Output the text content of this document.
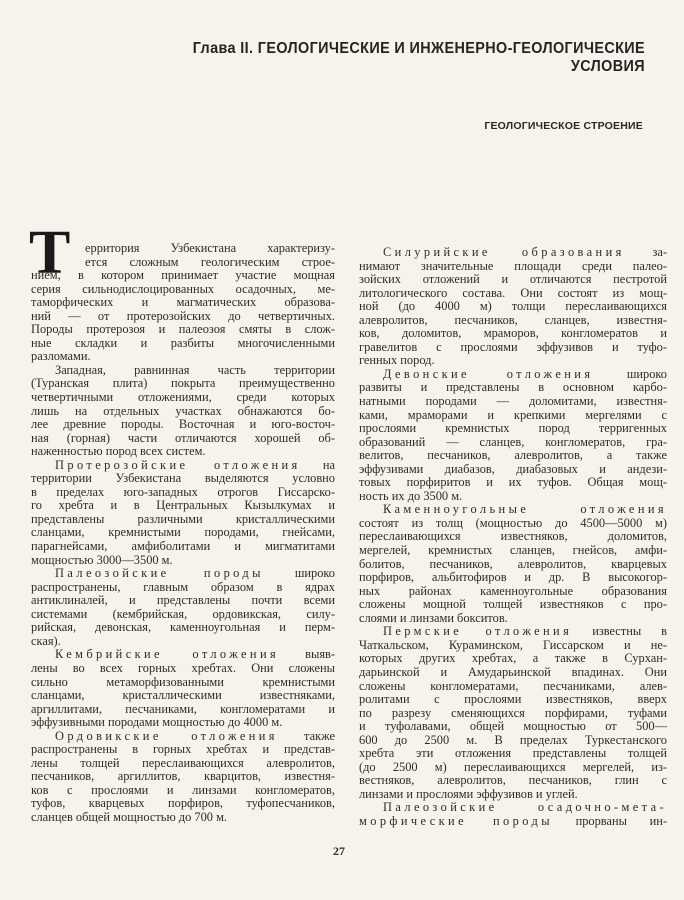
Глава II. ГЕОЛОГИЧЕСКИЕ И ИНЖЕНЕРНО-ГЕОЛОГИЧЕСКИЕ УСЛОВИЯ
ГЕОЛОГИЧЕСКОЕ СТРОЕНИЕ
Т	ерритория Узбекистана характеризу-
ется сложным геологическим строе-
нием, в котором принимает участие мощная
серия сильнодислоцированных осадочных, ме-
таморфических и магматических образова-
ний — от протерозойских до четвертичных.
Породы протерозоя и палеозоя смяты в слож-
ные складки и разбиты многочисленными
разломами.
Западная, равнинная часть территории
(Туранская плита) покрыта преимущественно
четвертичными отложениями, среди которых
лишь на отдельных участках обнажаются бо-
лее древние породы. Восточная и юго-восточ-
ная (горная) части отличаются хорошей об-
наженностью пород всех систем.
Протерозойские отложения на
территории Узбекистана выделяются условно
в пределах юго-западных отрогов Гиссарско-
го хребта и в Центральных Кызылкумах и
представлены различными кристаллическими
сланцами, кремнистыми породами, гнейсами,
парагнейсами, амфиболитами и мигматитами
мощностью 3000—3500 м.
Палеозойские породы	широко
распространены, главным образом в ядрах
антиклиналей, и представлены почти всеми
системами (кембрийская, ордовикская, силу-
рийская, девонская, каменноугольная и перм-
ская).
Кембрийские отложения выяв-
лены во всех горных хребтах. Они сложены
сильно метаморфизованными кремнистыми
сланцами, кристаллическими известняками,
аргиллитами, песчаниками, конгломератами и
эффузивными породами мощностью до 4000 м.
Ордовикские отложения также
распространены в горных хребтах и представ-
лены толщей переслаивающихся алевролитов,
песчаников, аргиллитов, кварцитов, известня-
ков с прослоями и линзами конгломератов,
туфов, кварцевых порфиров, туфопесчаников,
сланцев общей мощностью до 700 м.
Силурийские образования за-
нимают значительные площади среди палео-
зойских отложений и отличаются пестротой
литологического состава. Они состоят из мощ-
ной (до 4000 м) толщи переслаивающихся
алевролитов, песчаников, сланцев, известня-
ков, доломитов, мраморов, конгломератов и
гравелитов с прослоями эффузивов и туфо-
генных пород.
Девонские отложения	широко
развиты и представлены в основном карбо-
натными породами — доломитами, известня-
ками, мраморами и крепкими мергелями с
прослоями кремнистых пород терригенных
образований — сланцев, конгломератов, гра-
велитов, песчаников, алевролитов, а также
эффузивами диабазов, диабазовых и андези-
товых порфиритов и их туфов. Общая мощ-
ность их до 3500 м.
Каменноугольные отложения
состоят из толщ (мощностью до 4500—5000 м)
переслаивающихся известняков, доломитов,
мергелей, кремнистых сланцев, гнейсов, амфи-
болитов, песчаников, алевролитов, кварцевых
порфиров, альбитофиров и др. В высокогор-
ных районах каменноугольные образования
сложены мощной толщей известняков с про-
слоями и линзами бокситов.
Пермские отложения известны в
Чаткальском, Кураминском, Гиссарском и не-
которых других хребтах, а также в Сурхан-
дарьинской и Амударьинской впадинах. Они
сложены конгломератами, песчаниками, алев-
ролитами с прослоями известняков, вверх
по разрезу сменяющихся порфирами, туфами
и туфолавами, общей мощностью от 500—
600 до 2500 м. В пределах Туркестанского
хребта эти отложения представлены толщей
(до 2500 м) переслаивающихся мергелей, из-
вестняков, алевролитов, песчаников, глин с
линзами и прослоями эффузивов и углей.
Палеозойские осадочно-мета-
морфические породы прорваны ин-
27
